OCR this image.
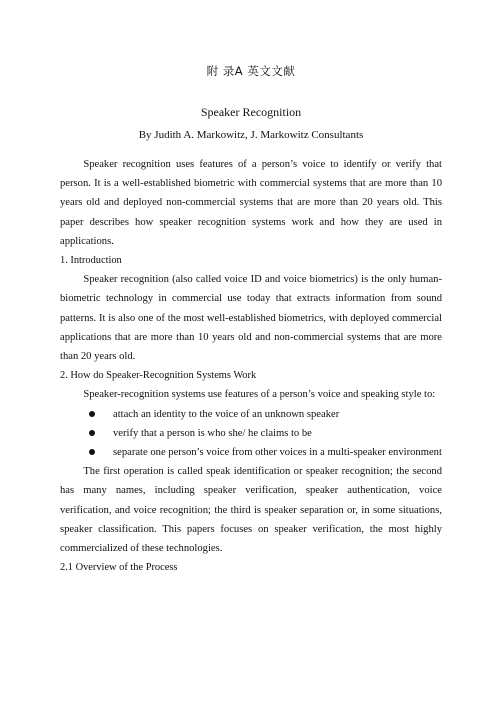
附 录A 英文文献
Speaker Recognition
By Judith A. Markowitz, J. Markowitz Consultants

Speaker recognition uses features of a person’s voice to identify or verify that person. It is a well-established biometric with commercial systems that are more than 10 years old and deployed non-commercial systems that are more than 20 years old. This paper describes how speaker recognition systems work and how they are used in applications.

1. Introduction

Speaker recognition (also called voice ID and voice biometrics) is the only human-biometric technology in commercial use today that extracts information from sound patterns. It is also one of the most well-established biometrics, with deployed commercial applications that are more than 10 years old and non-commercial systems that are more than 20 years old.

2. How do Speaker-Recognition Systems Work

Speaker-recognition systems use features of a person’s voice and speaking style to:

attach an identity to the voice of an unknown speaker
verify that a person is who she/ he claims to be
separate one person’s voice from other voices in a multi-speaker environment

The first operation is called speak identification or speaker recognition; the second has many names, including speaker verification, speaker authentication, voice verification, and voice recognition; the third is speaker separation or, in some situations, speaker classification. This papers focuses on speaker verification, the most highly commercialized of these technologies.

2.1 Overview of the Process
